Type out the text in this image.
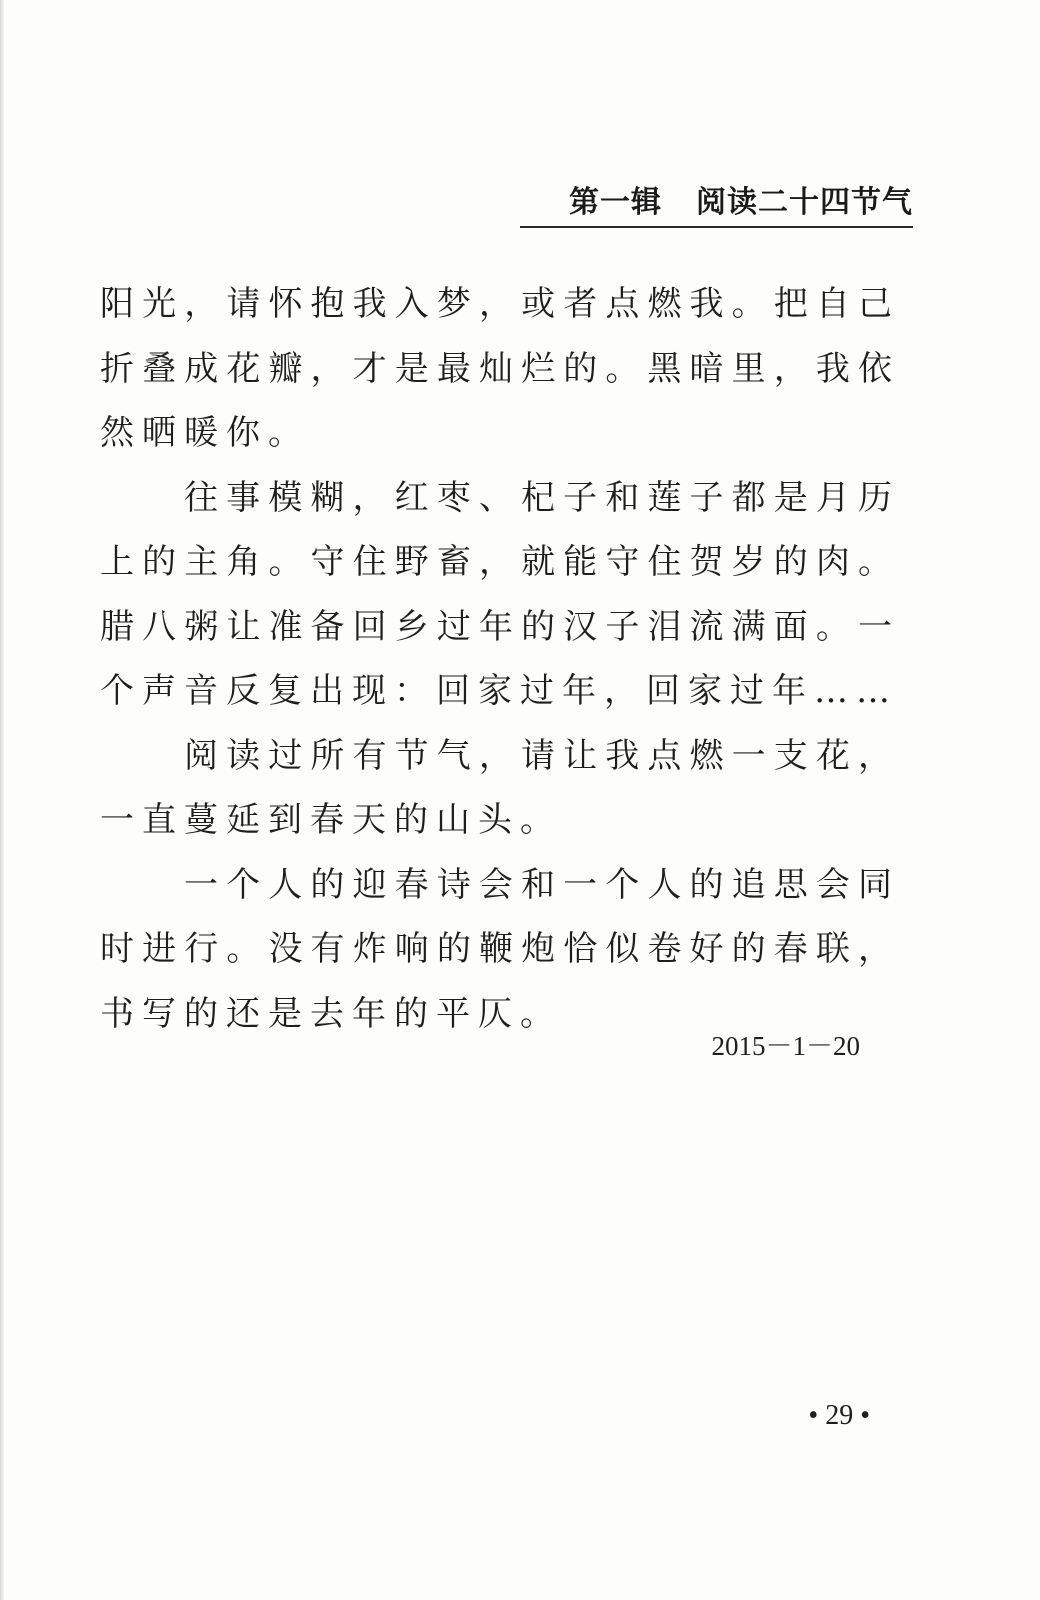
第一辑 阅读二十四节气

阳光，请怀抱我入梦，或者点燃我。把自己折叠成花瓣，才是最灿烂的。黑暗里，我依然晒暖你。

往事模糊，红枣、杞子和莲子都是月历上的主角。守住野畜，就能守住贺岁的肉。腊八粥让准备回乡过年的汉子泪流满面。一个声音反复出现：回家过年，回家过年……

阅读过所有节气，请让我点燃一支花，一直蔓延到春天的山头。

一个人的迎春诗会和一个人的追思会同时进行。没有炸响的鞭炮恰似卷好的春联，书写的还是去年的平仄。

2015－1－20
• 29 •
